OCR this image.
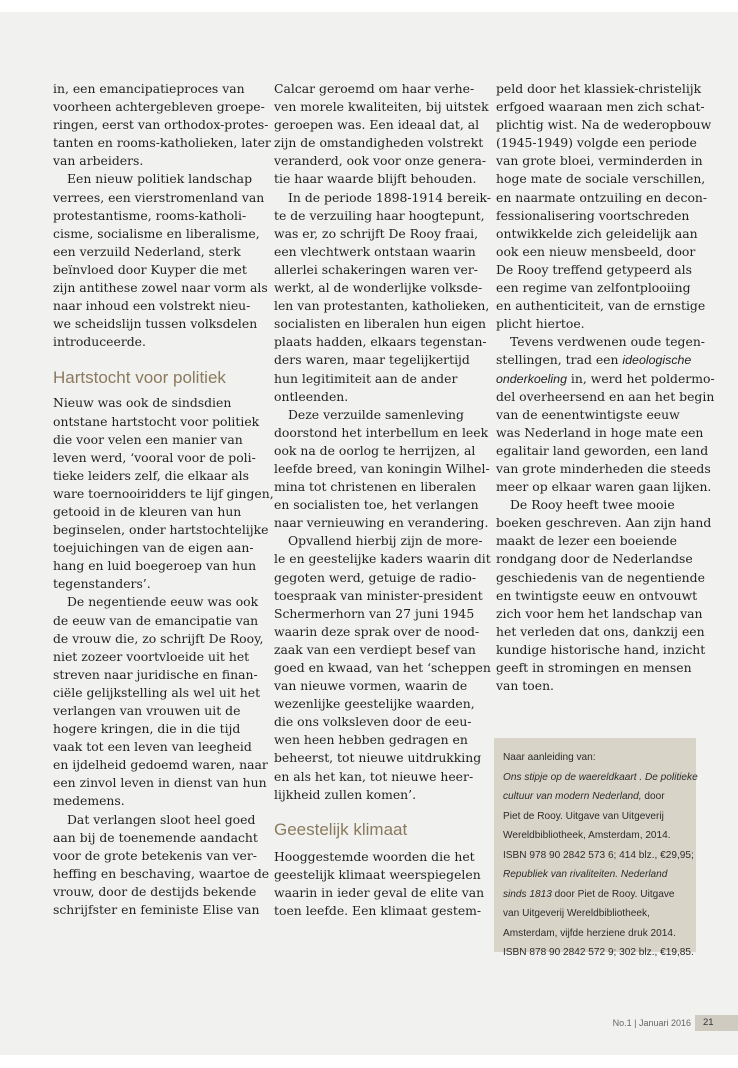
in, een emancipatieproces van
voorheen achtergebleven groepe-
ringen, eerst van orthodox-protes-
tanten en rooms-katholieken, later
van arbeiders.

Een nieuw politiek landschap
verrees, een vierstromenland van
protestantisme, rooms-katholi-
cisme, socialisme en liberalisme,
een verzuild Nederland, sterk
beïnvloed door Kuyper die met
zijn antithese zowel naar vorm als
naar inhoud een volstrekt nieu-
we scheidslijn tussen volksdelen
introduceerde.

Hartstocht voor politiek

Nieuw was ook de sindsdien
ontstane hartstocht voor politiek
die voor velen een manier van
leven werd, ‘vooral voor de poli-
tieke leiders zelf, die elkaar als
ware toernooiridders te lijf gingen,
getooid in de kleuren van hun
beginselen, onder hartstochtelijke
toejuichingen van de eigen aan-
hang en luid boegeroep van hun
tegenstanders’.

De negentiende eeuw was ook
de eeuw van de emancipatie van
de vrouw die, zo schrijft De Rooy,
niet zozeer voortvloeide uit het
streven naar juridische en finan-
ciële gelijkstelling als wel uit het
verlangen van vrouwen uit de
hogere kringen, die in die tijd
vaak tot een leven van leegheid
en ijdelheid gedoemd waren, naar
een zinvol leven in dienst van hun
medemens.

Dat verlangen sloot heel goed
aan bij de toenemende aandacht
voor de grote betekenis van ver-
heffing en beschaving, waartoe de
vrouw, door de destijds bekende
schrijfster en feministe Elise van

Calcar geroemd om haar verhe-
ven morele kwaliteiten, bij uitstek
geroepen was. Een ideaal dat, al
zijn de omstandigheden volstrekt
veranderd, ook voor onze genera-
tie haar waarde blijft behouden.

In de periode 1898-1914 bereik-
te de verzuiling haar hoogtepunt,
was er, zo schrijft De Rooy fraai,
een vlechtwerk ontstaan waarin
allerlei schakeringen waren ver-
werkt, al de wonderlijke volksde-
len van protestanten, katholieken,
socialisten en liberalen hun eigen
plaats hadden, elkaars tegenstan-
ders waren, maar tegelijkertijd
hun legitimiteit aan de ander
ontleenden.

Deze verzuilde samenleving
doorstond het interbellum en leek
ook na de oorlog te herrijzen, al
leefde breed, van koningin Wilhel-
mina tot christenen en liberalen
en socialisten toe, het verlangen
naar vernieuwing en verandering.

Opvallend hierbij zijn de more-
le en geestelijke kaders waarin dit
gegoten werd, getuige de radio-
toespraak van minister-president
Schermerhorn van 27 juni 1945
waarin deze sprak over de nood-
zaak van een verdiept besef van
goed en kwaad, van het ‘scheppen
van nieuwe vormen, waarin de
wezenlijke geestelijke waarden,
die ons volksleven door de eeu-
wen heen hebben gedragen en
beheerst, tot nieuwe uitdrukking
en als het kan, tot nieuwe heer-
lijkheid zullen komen’.

Geestelijk klimaat

Hooggestemde woorden die het
geestelijk klimaat weerspiegelen
waarin in ieder geval de elite van
toen leefde. Een klimaat gestem-

peld door het klassiek-christelijk
erfgoed waaraan men zich schat-
plichtig wist. Na de wederopbouw
(1945-1949) volgde een periode
van grote bloei, verminderden in
hoge mate de sociale verschillen,
en naarmate ontzuiling en decon-
fessionalisering voortschreden
ontwikkelde zich geleidelijk aan
ook een nieuw mensbeeld, door
De Rooy treffend getypeerd als
een regime van zelfontplooiing
en authenticiteit, van de ernstige
plicht hiertoe.

Tevens verdwenen oude tegen-
stellingen, trad een ideologische
onderkoeling in, werd het poldermo-
del overheersend en aan het begin
van de eenentwintigste eeuw
was Nederland in hoge mate een
egalitair land geworden, een land
van grote minderheden die steeds
meer op elkaar waren gaan lijken.

De Rooy heeft twee mooie
boeken geschreven. Aan zijn hand
maakt de lezer een boeiende
rondgang door de Nederlandse
geschiedenis van de negentiende
en twintigste eeuw en ontvouwt
zich voor hem het landschap van
het verleden dat ons, dankzij een
kundige historische hand, inzicht
geeft in stromingen en mensen
van toen.

Naar aanleiding van:
Ons stipje op de waereldkaart . De politieke
cultuur van modern Nederland, door
Piet de Rooy. Uitgave van Uitgeverij
Wereldbibliotheek, Amsterdam, 2014.
ISBN 978 90 2842 573 6; 414 blz., €29,95;
Republiek van rivaliteiten. Nederland
sinds 1813 door Piet de Rooy. Uitgave
van Uitgeverij Wereldbibliotheek,
Amsterdam, vijfde herziene druk 2014.
ISBN 878 90 2842 572 9; 302 blz., €19,85.
No.1 | Januari 2016	21
